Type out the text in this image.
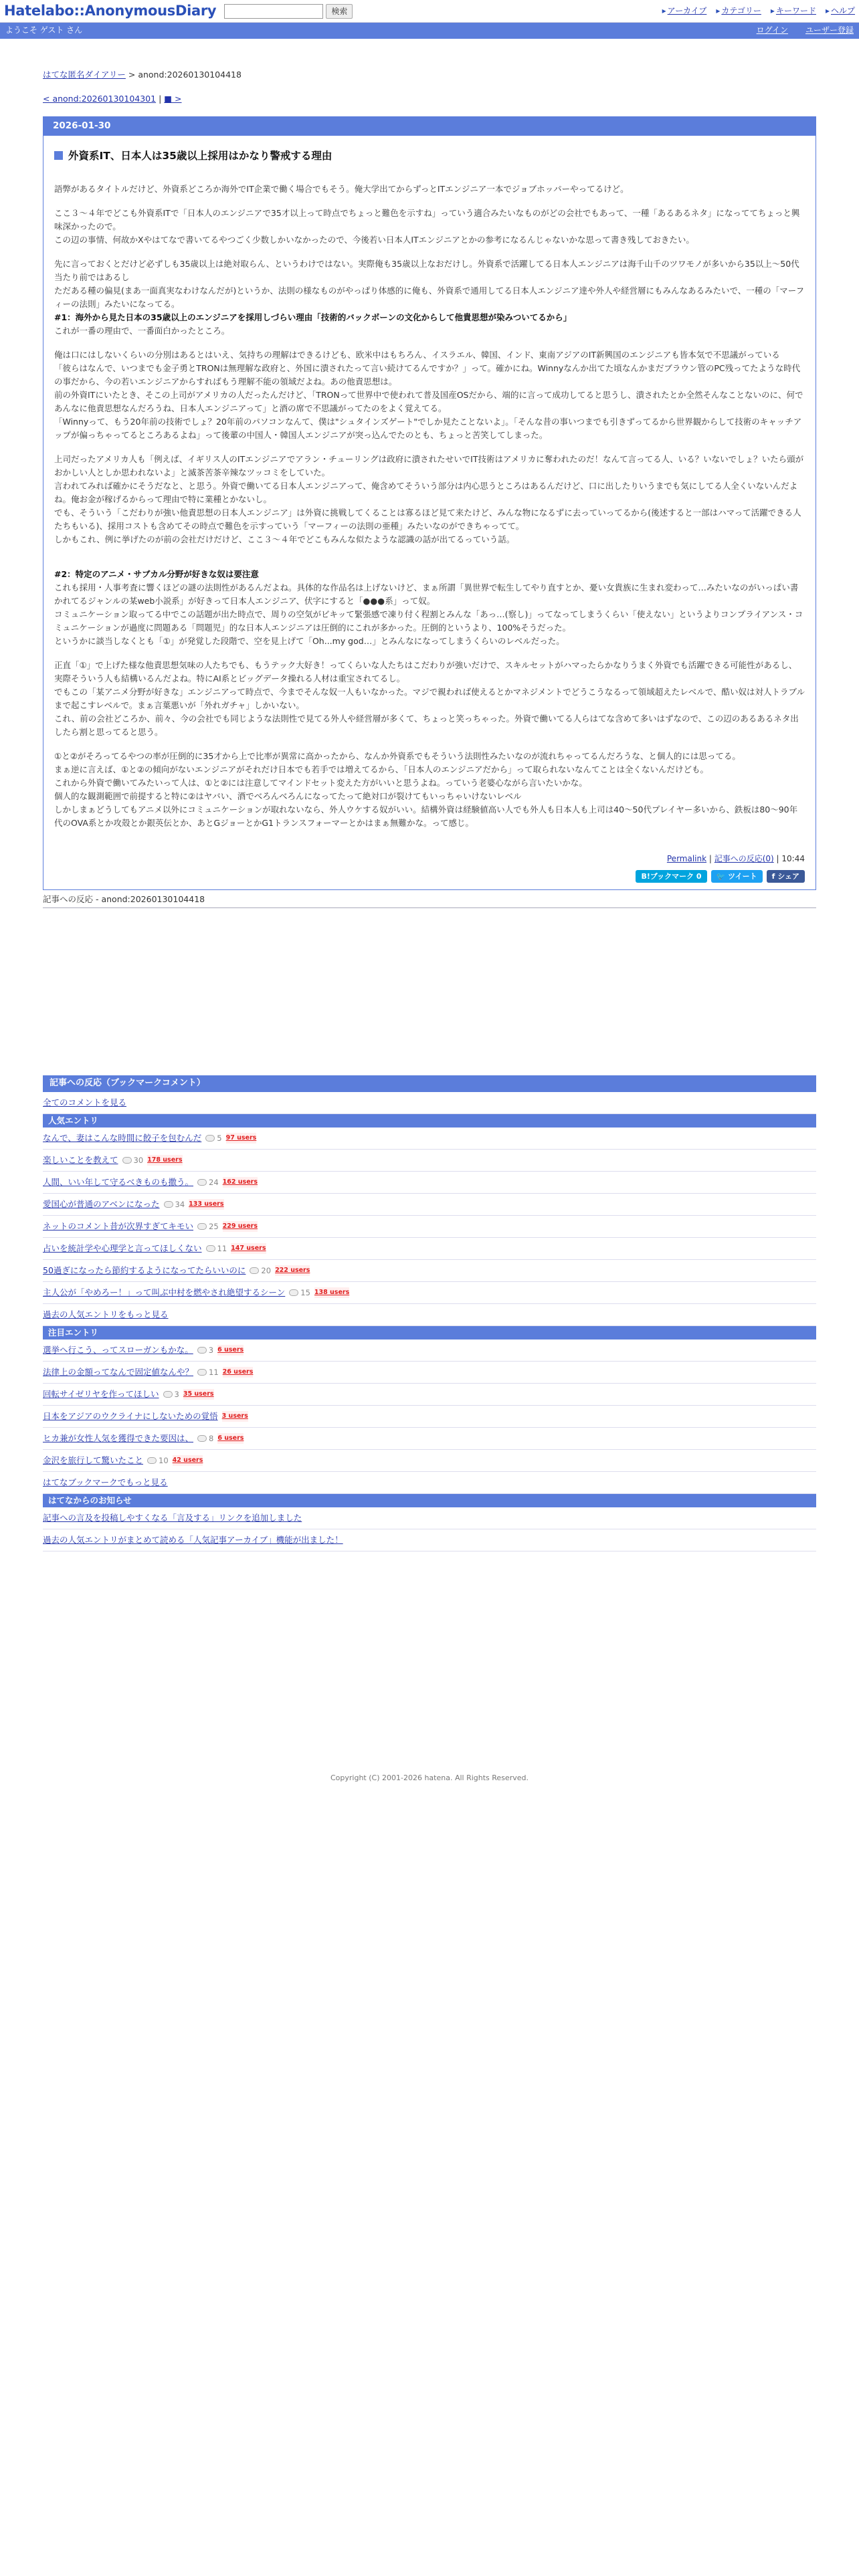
Hatelabo::AnonymousDiary	検索	▸ アーカイブ	▸ カテゴリー	▸ キーワード	▸ ヘルプ
ようこそ ゲスト さん	ログイン ユーザー登録
はてな匿名ダイアリー > anond:20260130104418
< anond:20260130104301 | ■ >
2026-01-30
外資系IT、日本人は35歳以上採用はかなり警戒する理由

語弊があるタイトルだけど、外資系どころか海外でIT企業で働く場合でもそう。俺大学出てからずっとITエンジニア一本でジョブホッパーやってるけど。

ここ３〜４年でどこも外資系ITで「日本人のエンジニアで35才以上って時点でちょっと難色を示すね」っていう適合みたいなものがどの会社でもあって、一種「あるあるネタ」になっててちょっと興味深かったので。

この辺の事情、何故かXやはてなで書いてるやつごく少数しかいなかったので、今後若い日本人ITエンジニアとかの参考になるんじゃないかな思って書き残しておきたい。

先に言っておくとだけど必ずしも35歳以上は絶対取らん、というわけではない。実際俺も35歳以上なおだけし。外資系で活躍してる日本人エンジニアは海千山千のツワモノが多いから35以上〜50代当たり前ではあるし

ただある種の偏見(まあ一面真実なわけなんだが)というか、法則の様なものがやっぱり体感的に俺も、外資系で通用してる日本人エンジニア達や外人や経営層にもみんなあるみたいで、一種の「マーフィーの法則」みたいになってる。

#1：海外から見た日本の35歳以上のエンジニアを採用しづらい理由「技術的バックボーンの文化からして他貴思想が染みついてるから」

これが一番の理由で、一番面白かったところ。

俺は口にはしないくらいの分別はあるとはいえ、気持ちの理解はできるけども、欧米中はもちろん、イスラエル、韓国、インド、東南アジアのIT新興国のエンジニアも皆本気で不思議がっている

「彼らはなんで、いつまでも金子勇とTRONは無理解な政府と、外国に潰されたって言い続けてるんですか？」って。確かにね。Winnyなんか出てた頃なんかまだブラウン管のPC残ってたような時代の事だから、今の若いエンジニアからすればもう理解不能の領域だよね。あの他責思想は。

前の外資ITにいたとき、そこの上司がアメリカの人だったんだけど、「TRONって世界中で使われて普及国産OSだから、端的に言って成功してると思うし、潰されたとか全然そんなことないのに、何であんなに他責思想なんだろうね、日本人エンジニアって」と酒の席で不思議がってたのをよく覚えてる。

「Winnyって、もう20年前の技術でしょ？20年前のパソコンなんて、僕は"シュタインズゲート"でしか見たことないよ」。「そんな昔の事いつまでも引きずってるから世界観からして技術のキャッチアップが偏っちゃってるところあるよね」って後輩の中国人・韓国人エンジニアが突っ込んでたのとも、ちょっと苦笑してしまった。

上司だったアメリカ人も「例えば、イギリス人のITエンジニアでアラン・チューリングは政府に潰されたせいでIT技術はアメリカに奪われたのだ！なんて言ってる人、いる？いないでしょ？いたら頭がおかしい人としか思われないよ」と滅茶苦茶辛辣なツッコミをしていた。

言われてみれば確かにそうだなと、と思う。外資で働いてる日本人エンジニアって、俺含めてそういう部分は内心思うところはあるんだけど、口に出したりいうまでも気にしてる人全くいないんだよね。俺お金が稼げるからって理由で特に業種とかないし。

でも、そういう「こだわりが強い他責思想の日本人エンジニア」は外資に挑戦してくることは寡るほど見て来たけど、みんな物になるずに去っていってるから(後述すると一部はハマって活躍できる人たちもいる)、採用コストも含めてその時点で難色を示すっていう「マーフィーの法則の亜種」みたいなのができちゃってて。

しかもこれ、例に挙げたのが前の会社だけだけど、ここ３〜４年でどこもみんな似たような認識の話が出てるっていう話。

#2：特定のアニメ・サブカル分野が好きな奴は要注意

これも採用・人事考査に響くほどの謎の法則性があるんだよね。具体的な作品名は上げないけど、まぁ所謂「異世界で転生してやり直すとか、憂い女貴族に生まれ変わって…みたいなのがいっぱい書かれてるジャンルの某web小説系」が好きって日本人エンジニア、伏字にすると「●●●系」って奴。

コミュニケーション取ってる中でこの話題が出た時点で、周りの空気がビキッて緊張感で凍り付く程割とみんな「あっ…(察し)」ってなってしまうくらい「使えない」というよりコンプライアンス・コミュニケーションが過度に問題ある「問題児」的な日本人エンジニアは圧倒的にこれが多かった。圧倒的というより、100%そうだった。

というかに談当しなくとも「①」が発覚した段階で、空を見上げて「Oh...my god…」とみんなになってしまうくらいのレベルだった。

正直「①」で上げた様な他責思想気味の人たちでも、もうテック大好き！ってくらいな人たちはこだわりが強いだけで、スキルセットがハマったらかなりうまく外資でも活躍できる可能性があるし、実際そういう人も結構いるんだよね。特にAI系とビッグデータ操れる人材は重宝されてるし。

でもこの「某アニメ分野が好きな」エンジニアって時点で、今までそんな奴一人もいなかった。マジで親われば使えるとかマネジメントでどうこうなるって領域超えたレベルで、酷い奴は対人トラブルまで起こすレベルで。まぁ言葉悪いが「外れガチャ」しかいない。

これ、前の会社どころか、前々、今の会社でも同じような法則性で見てる外人や経営層が多くて、ちょっと笑っちゃった。外資で働いてる人らはてな含めて多いはずなので、この辺のあるあるネタ出したら割と思ってると思う。

①と②がそろってるやつの率が圧倒的に35才から上で比率が異常に高かったから、なんか外資系でもそういう法則性みたいなのが流れちゃってるんだろうな、と個人的には思ってる。

まぁ逆に言えば、①と②の傾向がないエンジニアがそれだけ日本でも若手では増えてるから、「日本人のエンジニアだから」って取られないなんてことは全くないんだけども。

これから外資で働いてみたいって人は、①と②には注意してマインドセット変えた方がいいと思うよね。っていう老婆心ながら言いたいかな。

個人的な観測範囲で前提すると特に②はヤバい、酒でべろんべろんになってたって絶対口が裂けてもいっちゃいけないレベル

しかしまぁどうしてもアニメ以外にコミュニケーションが取れないなら、外人ウケする奴がいい。結構外資は経験値高い人でも外人も日本人も上司は40〜50代プレイヤー多いから、鉄板は80〜90年代のOVA系とか攻殻とか銀英伝とか、あとGジョーとかG1トランスフォーマーとかはまぁ無難かな。って感じ。

Permalink | 記事への反応(0) | 10:44
B!ブックマーク 0	🐦 ツイート	f シェア
記事への反応 - anond:20260130104418
記事への反応（ブックマークコメント）
全てのコメントを見る
人気エントリ
なんで、妻はこんな時間に餃子を包むんだ 5 97 users
楽しいことを教えて 30 178 users
人間、いい年して守るべきものも撒う。 24 162 users
愛国心が普通のアベンになった 34 133 users
ネットのコメント昔が次界すぎてキモい 25 229 users
占いを統計学や心理学と言ってほしくない 11 147 users
50過ぎになったら節約するようになってたらいいのに 20 222 users
主人公が「やめろー！」って叫ぶ中村を燃やされ絶望するシーン 15 138 users
過去の人気エントリをもっと見る
注目エントリ
選挙へ行こう、ってスローガンもかな。 3 6 users
法律上の金額ってなんで固定値なんや？ 11 26 users
回転サイゼリヤを作ってほしい 3 35 users
日本をアジアのウクライナにしないための覚悟 3 users
ヒカ兼が女性人気を獲得できた要因は、 8 6 users
金沢を旅行して驚いたこと 10 42 users
はてなブックマークでもっと見る
はてなからのお知らせ
記事への言及を投稿しやすくなる「言及する」リンクを追加しました
過去の人気エントリがまとめて読める「人気記事アーカイブ」機能が出ました！
Copyright (C) 2001-2026 hatena. All Rights Reserved.
